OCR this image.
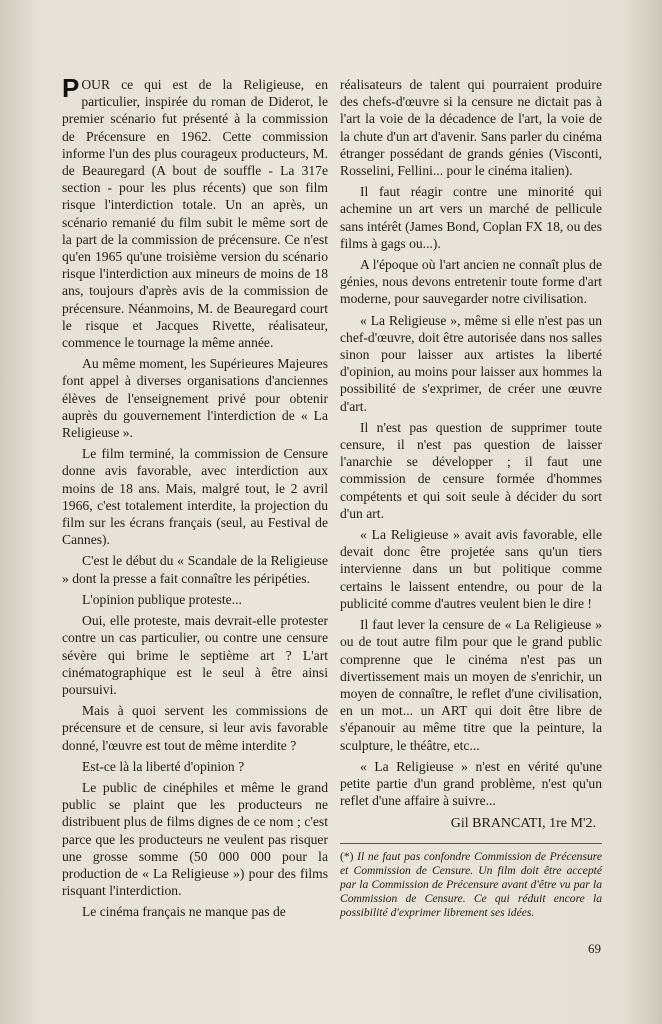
POUR ce qui est de la Religieuse, en particulier, inspirée du roman de Diderot, le premier scénario fut présenté à la commission de Précensure en 1962. Cette commission informe l'un des plus courageux producteurs, M. de Beauregard (A bout de souffle - La 317e section - pour les plus récents) que son film risque l'interdiction totale. Un an après, un scénario remanié du film subit le même sort de la part de la commission de précensure. Ce n'est qu'en 1965 qu'une troisième version du scénario risque l'interdiction aux mineurs de moins de 18 ans, toujours d'après avis de la commission de précensure. Néanmoins, M. de Beauregard court le risque et Jacques Rivette, réalisateur, commence le tournage la même année.

Au même moment, les Supérieures Majeures font appel à diverses organisations d'anciennes élèves de l'enseignement privé pour obtenir auprès du gouvernement l'interdiction de « La Religieuse ».

Le film terminé, la commission de Censure donne avis favorable, avec interdiction aux moins de 18 ans. Mais, malgré tout, le 2 avril 1966, c'est totalement interdite, la projection du film sur les écrans français (seul, au Festival de Cannes).

C'est le début du « Scandale de la Religieuse » dont la presse a fait connaître les péripéties.

L'opinion publique proteste...

Oui, elle proteste, mais devrait-elle protester contre un cas particulier, ou contre une censure sévère qui brime le septième art ? L'art cinématographique est le seul à être ainsi poursuivi.

Mais à quoi servent les commissions de précensure et de censure, si leur avis favorable donné, l'œuvre est tout de même interdite ?

Est-ce là la liberté d'opinion ?

Le public de cinéphiles et même le grand public se plaint que les producteurs ne distribuent plus de films dignes de ce nom ; c'est parce que les producteurs ne veulent pas risquer une grosse somme (50 000 000 pour la production de « La Religieuse ») pour des films risquant l'interdiction.

Le cinéma français ne manque pas de

réalisateurs de talent qui pourraient produire des chefs-d'œuvre si la censure ne dictait pas à l'art la voie de la décadence de l'art, la voie de la chute d'un art d'avenir. Sans parler du cinéma étranger possédant de grands génies (Visconti, Rosselini, Fellini... pour le cinéma italien).

Il faut réagir contre une minorité qui achemine un art vers un marché de pellicule sans intérêt (James Bond, Coplan FX 18, ou des films à gags ou...).

A l'époque où l'art ancien ne connaît plus de génies, nous devons entretenir toute forme d'art moderne, pour sauvegarder notre civilisation.

« La Religieuse », même si elle n'est pas un chef-d'œuvre, doit être autorisée dans nos salles sinon pour laisser aux artistes la liberté d'opinion, au moins pour laisser aux hommes la possibilité de s'exprimer, de créer une œuvre d'art.

Il n'est pas question de supprimer toute censure, il n'est pas question de laisser l'anarchie se développer ; il faut une commission de censure formée d'hommes compétents et qui soit seule à décider du sort d'un art.

« La Religieuse » avait avis favorable, elle devait donc être projetée sans qu'un tiers intervienne dans un but politique comme certains le laissent entendre, ou pour de la publicité comme d'autres veulent bien le dire !

Il faut lever la censure de « La Religieuse » ou de tout autre film pour que le grand public comprenne que le cinéma n'est pas un divertissement mais un moyen de s'enrichir, un moyen de connaître, le reflet d'une civilisation, en un mot... un ART qui doit être libre de s'épanouir au même titre que la peinture, la sculpture, le théâtre, etc...

« La Religieuse » n'est en vérité qu'une petite partie d'un grand problème, n'est qu'un reflet d'une affaire à suivre...

Gil BRANCATI, 1re M'2.
(*) Il ne faut pas confondre Commission de Précensure et Commission de Censure. Un film doit être accepté par la Commission de Précensure avant d'être vu par la Commission de Censure. Ce qui réduit encore la possibilité d'exprimer librement ses idées.
69
